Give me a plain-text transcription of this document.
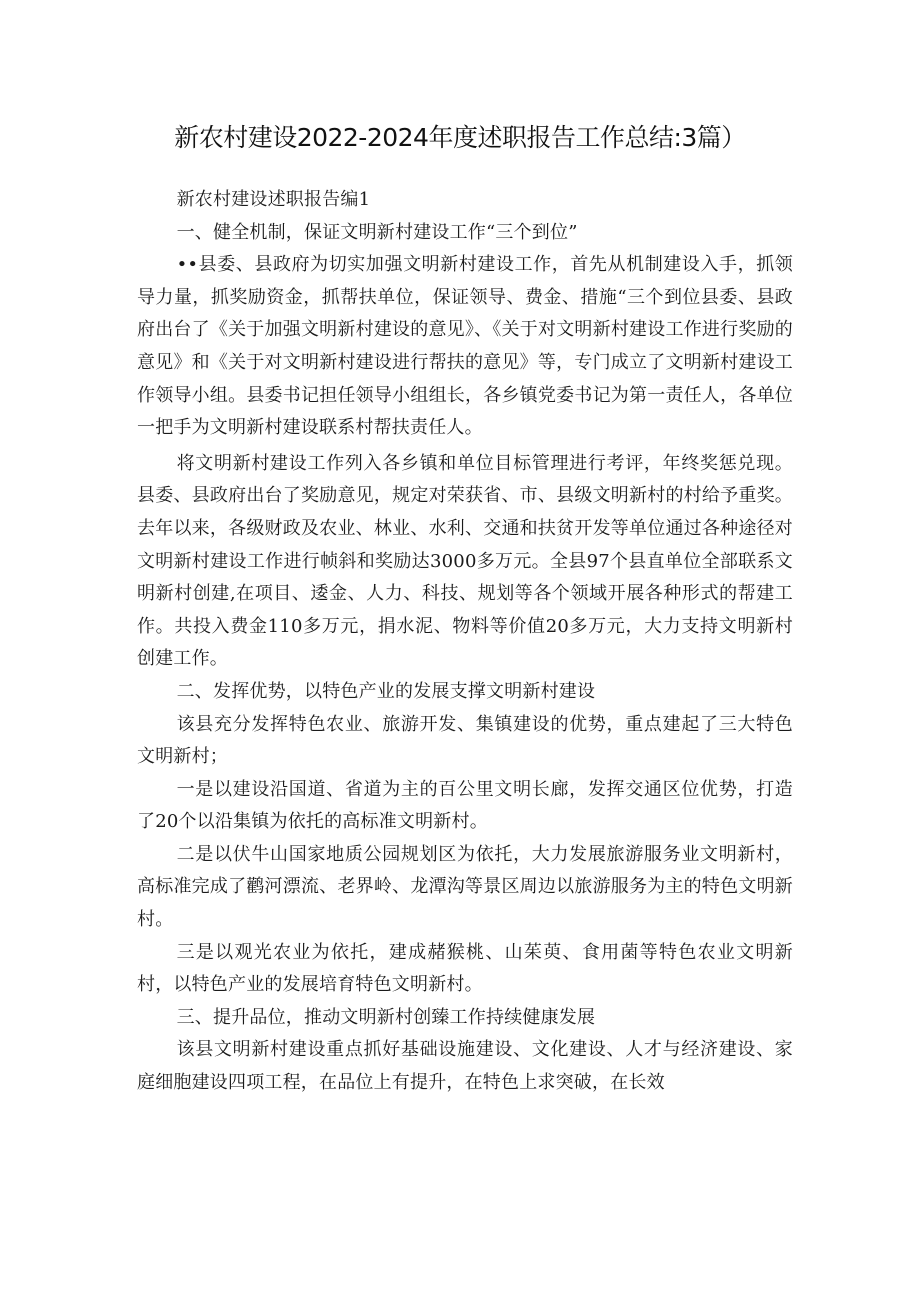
新农村建设2022-2024年度述职报告工作总结:3篇）

新农村建设述职报告编1

一、健全机制，保证文明新村建设工作“三个到位”

••县委、县政府为切实加强文明新村建设工作，首先从机制建设入手，抓领导力量，抓奖励资金，抓帮扶单位，保证领导、费金、措施“三个到位县委、县政府出台了《关于加强文明新村建设的意见》、《关于对文明新村建设工作进行奖励的意见》和《关于对文明新村建设进行帮扶的意见》等，专门成立了文明新村建设工作领导小组。县委书记担任领导小组组长，各乡镇党委书记为第一责任人，各单位一把手为文明新村建设联系村帮扶责任人。

将文明新村建设工作列入各乡镇和单位目标管理进行考评，年终奖惩兑现。县委、县政府出台了奖励意见，规定对荣获省、市、县级文明新村的村给予重奖。去年以来，各级财政及农业、林业、水利、交通和扶贫开发等单位通过各种途径对文明新村建设工作进行帧斜和奖励达3000多万元。全县97个县直单位全部联系文明新村创建,在项目、逶金、人力、科技、规划等各个领域开展各种形式的帮建工作。共投入费金110多万元，捐水泥、物料等价值20多万元，大力支持文明新村创建工作。

二、发挥优势，以特色产业的发展支撑文明新村建设

该县充分发挥特色农业、旅游开发、集镇建设的优势，重点建起了三大特色文明新村；

一是以建设沿国道、省道为主的百公里文明长廊，发挥交通区位优势，打造了20个以沿集镇为依托的高标准文明新村。

二是以伏牛山国家地质公园规划区为依托，大力发展旅游服务业文明新村，高标准完成了鹳河漂流、老界岭、龙潭沟等景区周边以旅游服务为主的特色文明新村。

三是以观光农业为依托，建成赭猴桃、山茱萸、食用菌等特色农业文明新村，以特色产业的发展培育特色文明新村。

三、提升品位，推动文明新村创臻工作持续健康发展

该县文明新村建设重点抓好基础设施建设、文化建设、人才与经济建设、家庭细胞建设四项工程，在品位上有提升，在特色上求突破，在长效
